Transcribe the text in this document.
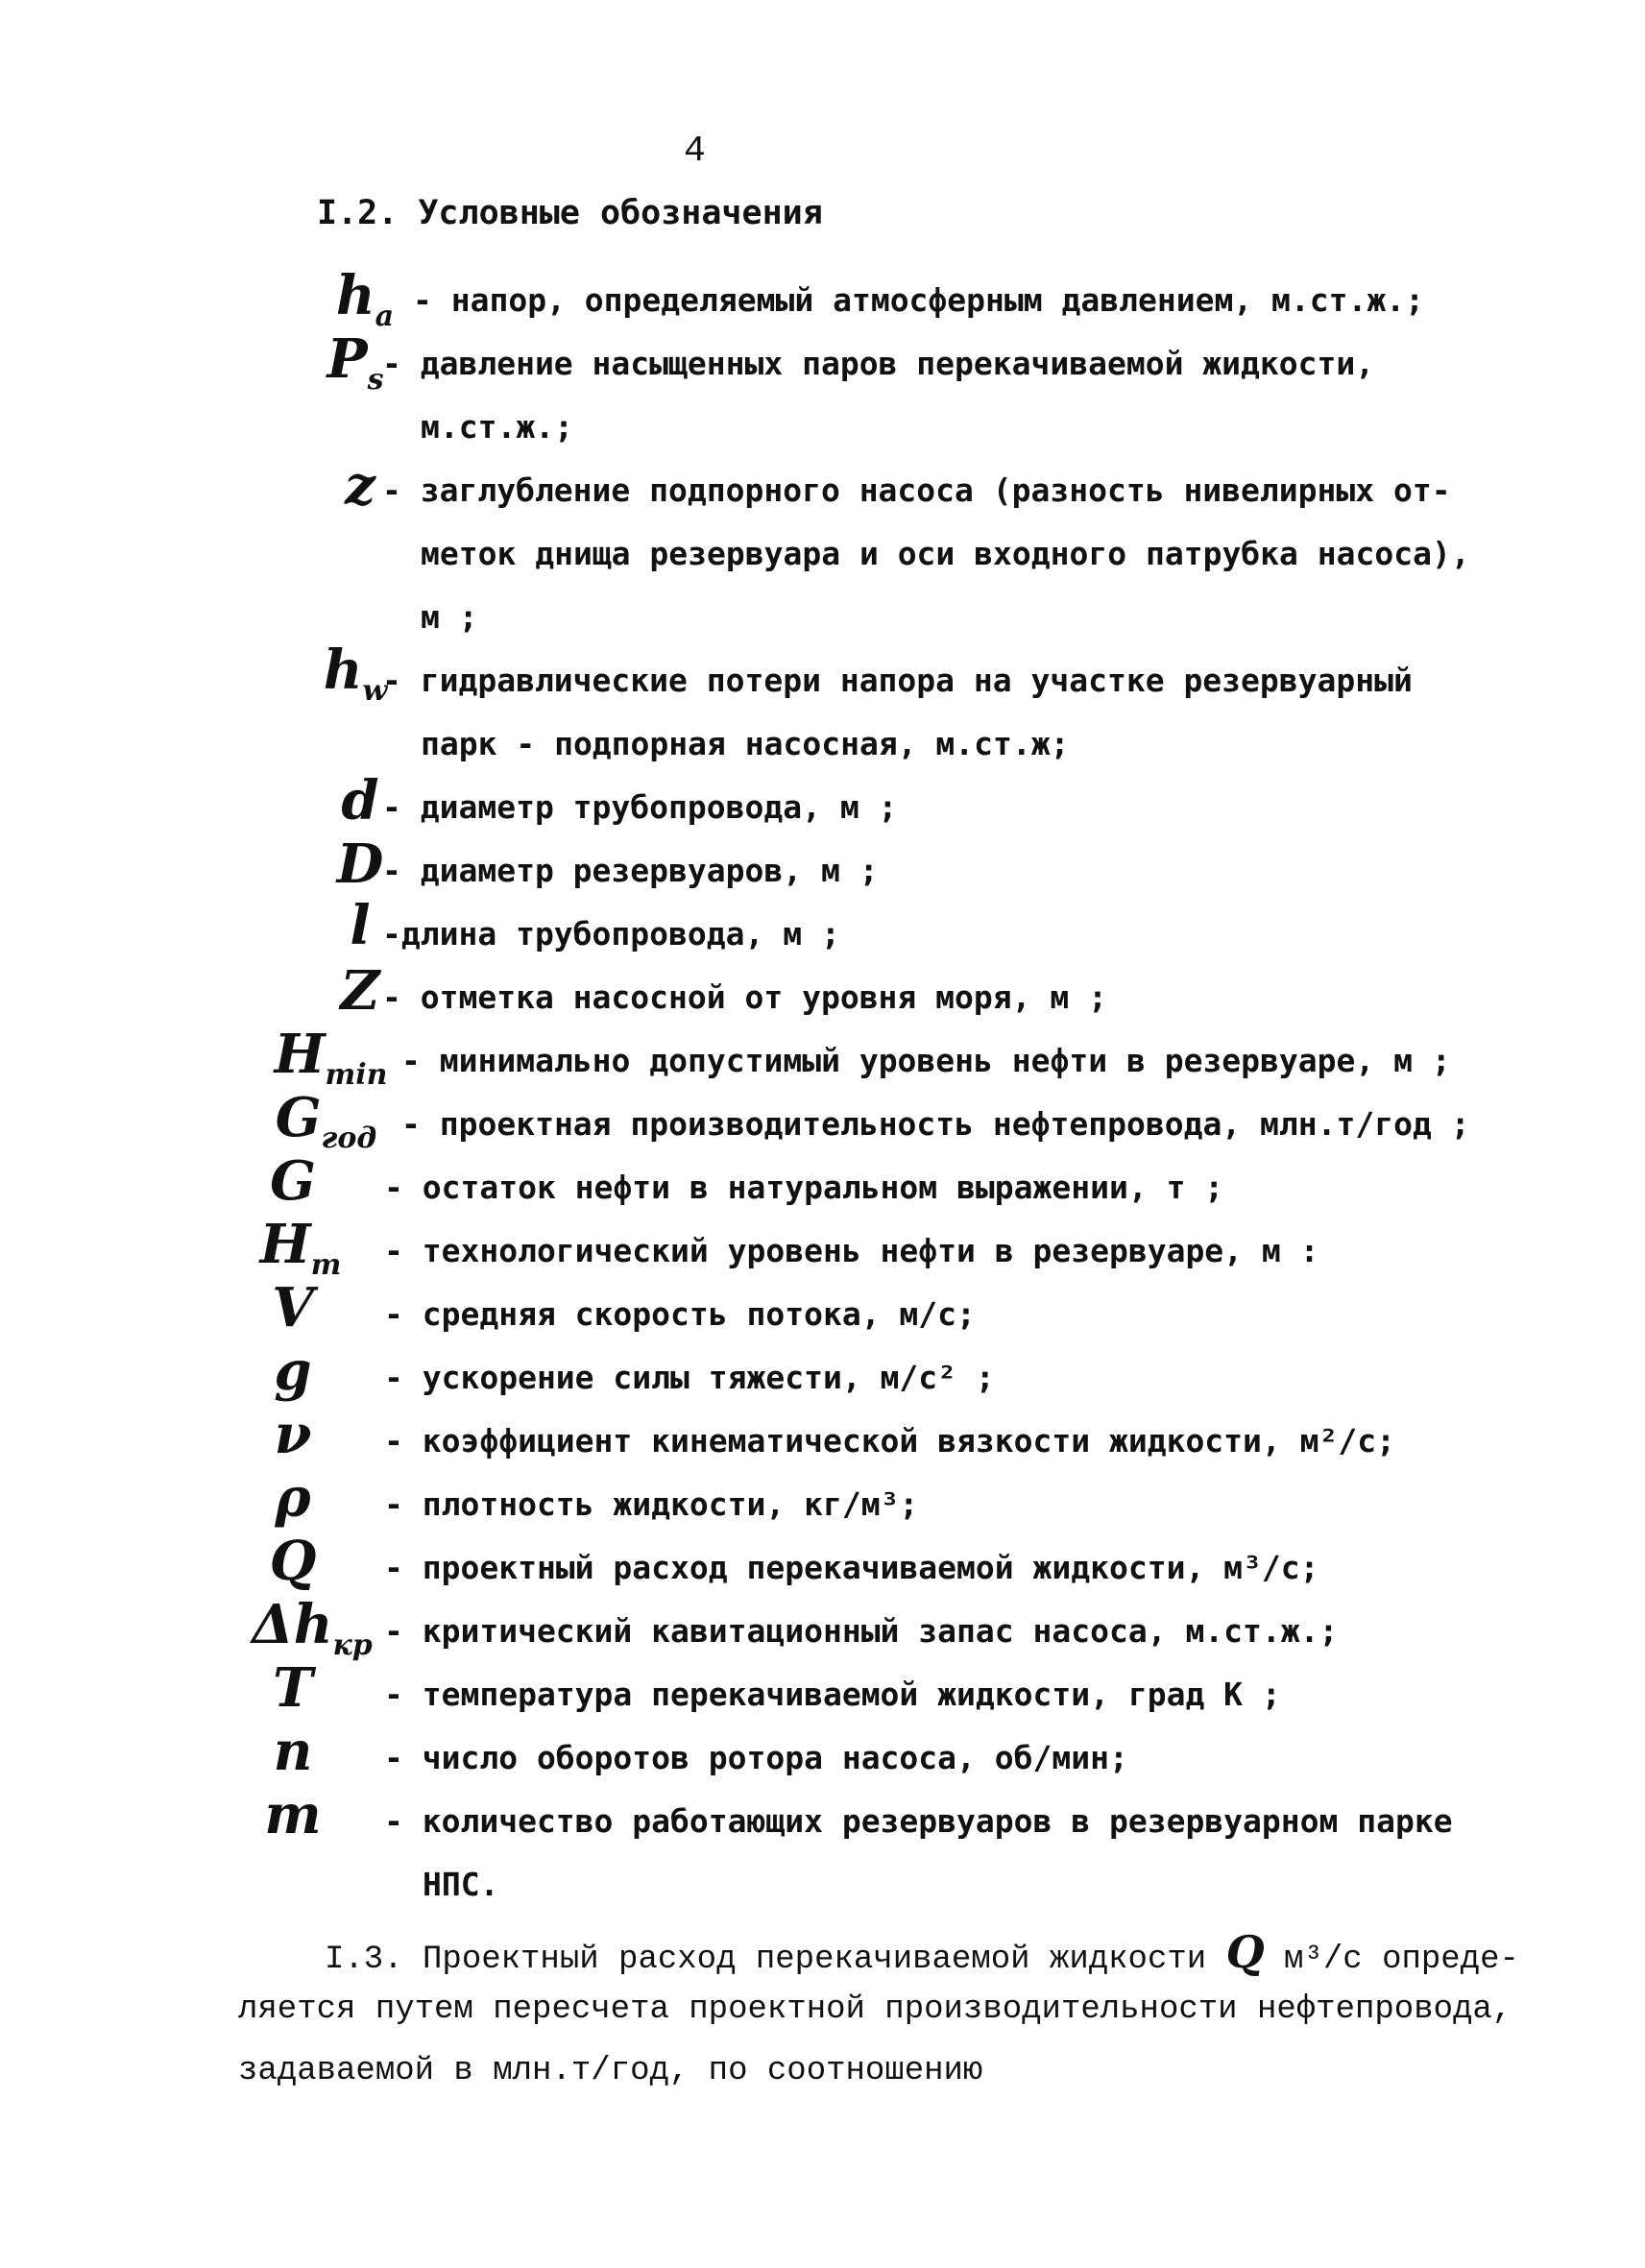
4
I.2. Условные обозначения
$h_a$
$P_s$
z
$h_w$
d
D
l
Z
$H_{min}$
$G_{год}$
G
$H_т$
V
g
ν
ρ
Q
$\Delta h_{кр}$
T
n
m
- напор, определяемый атмосферным давлением, м.ст.ж.;
- давление насыщенных паров перекачиваемой жидкости,
м.ст.ж.;
- заглубление подпорного насоса (разность нивелирных от-
меток днища резервуара и оси входного патрубка насоса),
м ;
- гидравлические потери напора на участке резервуарный
парк - подпорная насосная, м.ст.ж;
- диаметр трубопровода, м ;
- диаметр резервуаров, м ;
-длина трубопровода, м ;
- отметка насосной от уровня моря, м ;
- минимально допустимый уровень нефти в резервуаре, м ;
- проектная производительность нефтепровода, млн.т/год ;
- остаток нефти в натуральном выражении, т ;
- технологический уровень нефти в резервуаре, м :
- средняя скорость потока, м/с;
- ускорение силы тяжести, м/с² ;
- коэффициент кинематической вязкости жидкости, м²/с;
- плотность жидкости, кг/м³;
- проектный расход перекачиваемой жидкости, м³/с;
- критический кавитационный запас насоса, м.ст.ж.;
- температура перекачиваемой жидкости, град К ;
- число оборотов ротора насоса, об/мин;
- количество работающих резервуаров в резервуарном парке
НПС.
I.3. Проектный расход перекачиваемой жидкости Q м³/с опреде-
ляется путем пересчета проектной производительности нефтепровода,
задаваемой в млн.т/год, по соотношению
